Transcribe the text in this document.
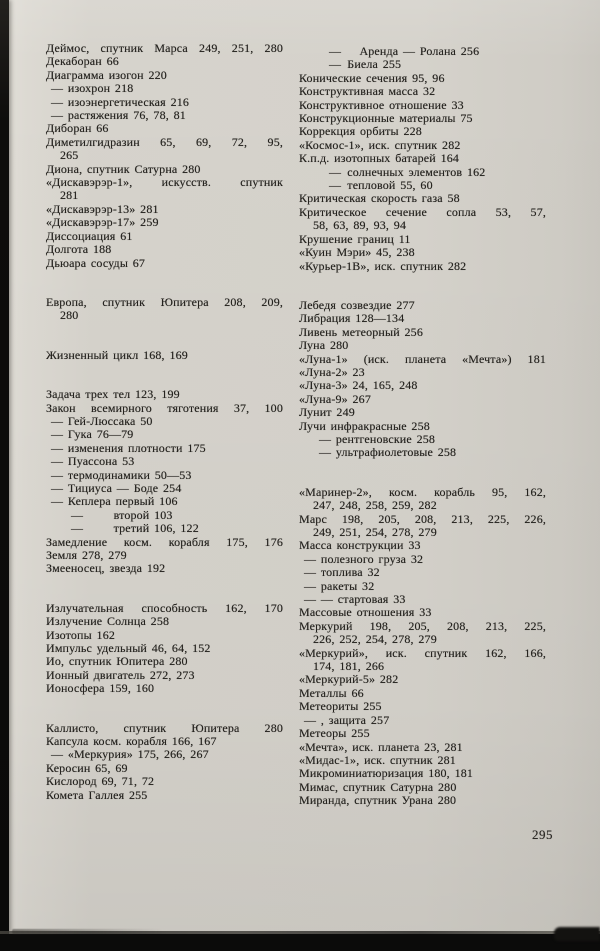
Деймос, спутник Марса 249, 251, 280
Декаборан 66
Диаграмма изогон 220
— изохрон 218
— изоэнергетическая 216
— растяжения 76, 78, 81
Диборан 66
Диметилгидразин 65, 69, 72, 95,
265
Диона, спутник Сатурна 280
«Дискавэрэр-1», искусств. спутник
281
«Дискавэрэр-13» 281
«Дискавэрэр-17» 259
Диссоциация 61
Долгота 188
Дьюара сосуды 67
Европа, спутник Юпитера 208, 209,
280
Жизненный цикл 168, 169
Задача трех тел 123, 199
Закон всемирного тяготения 37, 100
— Гей-Люссака 50
— Гука 76—79
— изменения плотности 175
— Пуассона 53
— термодинамики 50—53
— Тициуса — Боде 254
— Кеплера первый 106
—   второй 103
—   третий 106, 122
Замедление косм. корабля 175, 176
Земля 278, 279
Змееносец, звезда 192
Излучательная способность 162, 170
Излучение Солнца 258
Изотопы 162
Импульс удельный 46, 64, 152
Ио, спутник Юпитера 280
Ионный двигатель 272, 273
Ионосфера 159, 160
Каллисто, спутник Юпитера 280
Капсула косм. корабля 166, 167
— «Меркурия» 175, 266, 267
Керосин 65, 69
Кислород 69, 71, 72
Комета Галлея 255
—  Аренда — Ролана 256
— Биела 255
Конические сечения 95, 96
Конструктивная масса 32
Конструктивное отношение 33
Конструкционные материалы 75
Коррекция орбиты 228
«Космос-1», иск. спутник 282
К.п.д. изотопных батарей 164
— солнечных элементов 162
— тепловой 55, 60
Критическая скорость газа 58
Критическое сечение сопла 53, 57,
58, 63, 89, 93, 94
Крушение границ 11
«Куин Мэри» 45, 238
«Курьер-1В», иск. спутник 282
Лебедя созвездие 277
Либрация 128—134
Ливень метеорный 256
Луна 280
«Луна-1» (иск. планета «Мечта») 181
«Луна-2» 23
«Луна-3» 24, 165, 248
«Луна-9» 267
Лунит 249
Лучи инфракрасные 258
— рентгеновские 258
— ультрафиолетовые 258
«Маринер-2», косм. корабль 95, 162,
247, 248, 258, 259, 282
Марс 198, 205, 208, 213, 225, 226,
249, 251, 254, 278, 279
Масса конструкции 33
— полезного груза 32
— топлива 32
— ракеты 32
— — стартовая 33
Массовые отношения 33
Меркурий 198, 205, 208, 213, 225,
226, 252, 254, 278, 279
«Меркурий», иск. спутник 162, 166,
174, 181, 266
«Меркурий-5» 282
Металлы 66
Метеориты 255
— , защита 257
Метеоры 255
«Мечта», иск. планета 23, 281
«Мидас-1», иск. спутник 281
Микроминиатюризация 180, 181
Мимас, спутник Сатурна 280
Миранда, спутник Урана 280
295
